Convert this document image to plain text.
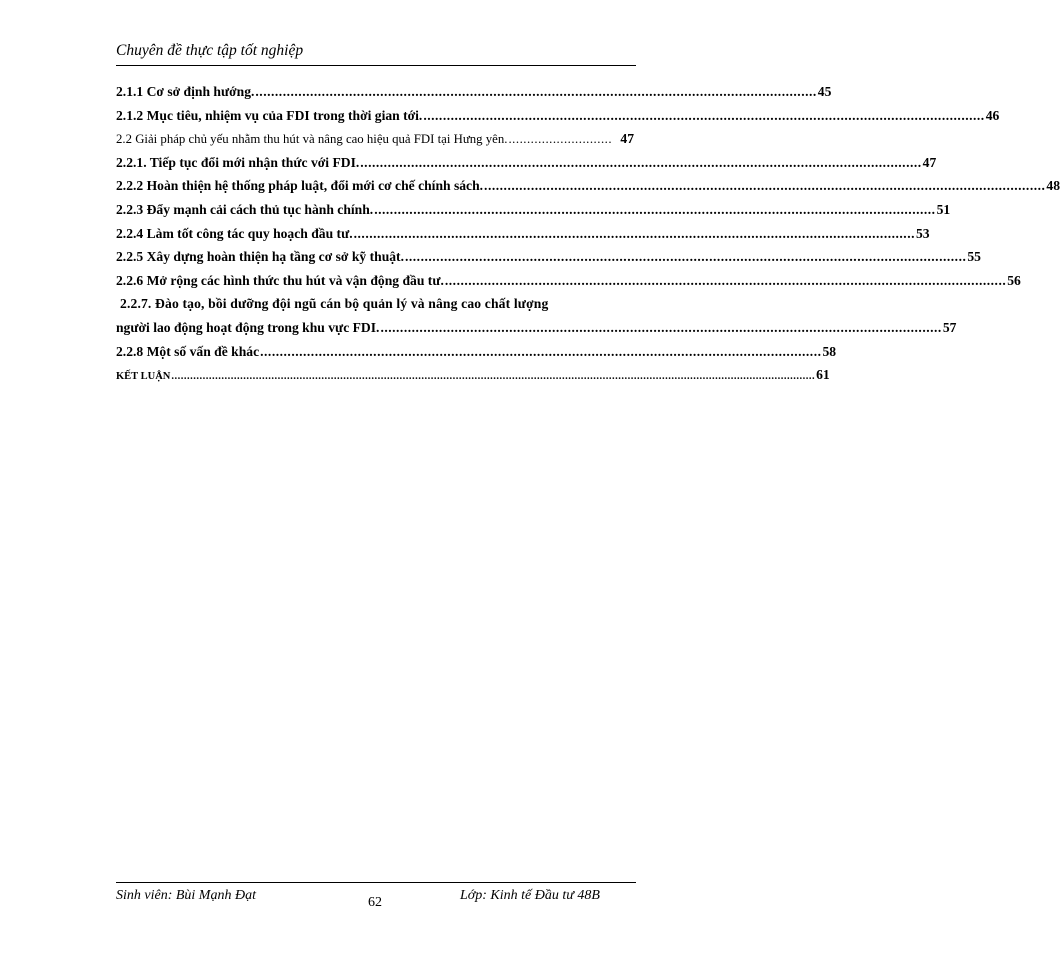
Chuyên đề thực tập tốt nghiệp
2.1.1 Cơ sở định hướng. ................................................................................................................................................ 45
2.1.2 Mục tiêu, nhiệm vụ của FDI trong thời gian tới. ................................................................................................................................................ 46
2.2 Giải pháp chủ yếu nhằm thu hút và nâng cao hiệu quả FDI tại Hưng yên. ............................ 47
2.2.1. Tiếp tục đổi mới nhận thức với FDI. ................................................................................................................................................ 47
2.2.2 Hoàn thiện hệ thống pháp luật, đổi mới cơ chế chính sách. ................................................................................................................................................ 48
2.2.3 Đẩy mạnh cải cách thủ tục hành chính. ................................................................................................................................................ 51
2.2.4 Làm tốt công tác quy hoạch đầu tư. ................................................................................................................................................ 53
2.2.5 Xây dựng hoàn thiện hạ tầng cơ sở kỹ thuật. ................................................................................................................................................ 55
2.2.6 Mở rộng các hình thức thu hút và vận động đầu tư. ................................................................................................................................................ 56
2.2.7. Đào tạo, bồi dưỡng đội ngũ cán bộ quản lý và nâng cao chất lượng
người lao động hoạt động trong khu vực FDI. ................................................................................................................................................ 57
2.2.8 Một số vấn đề khác ................................................................................................................................................ 58
KẾT LUẬN .............................................................................................................................................................................................................. 61
Sinh viên: Bùi Mạnh Đạt	62	Lớp: Kinh tế Đầu tư 48B
